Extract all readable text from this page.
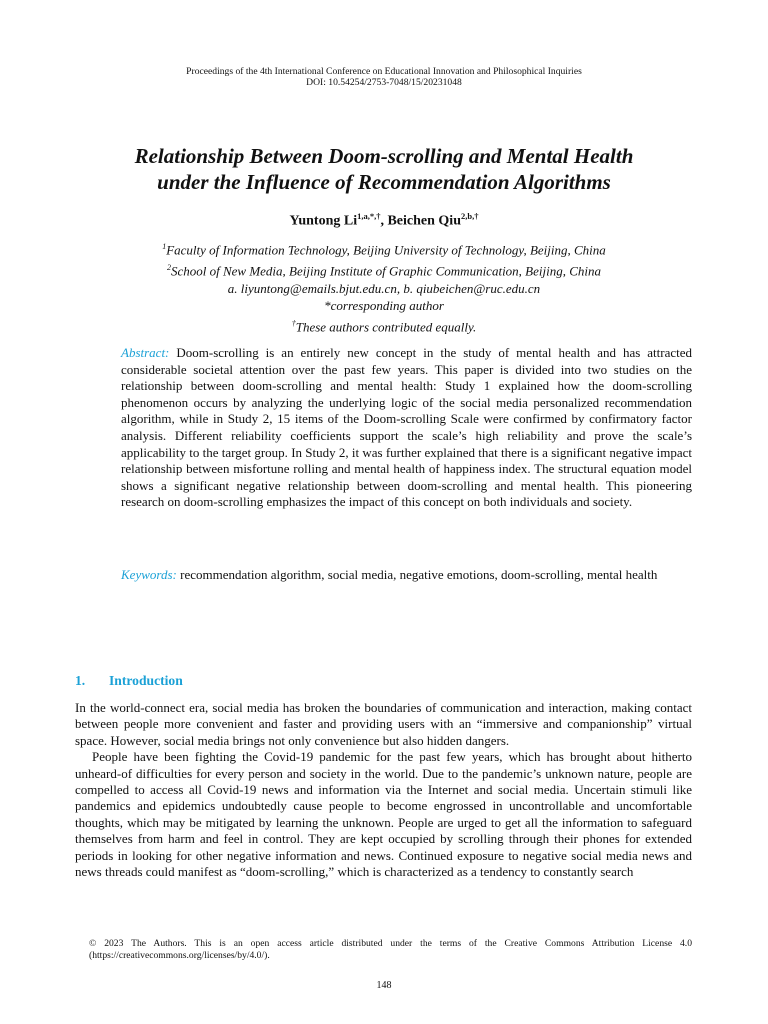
Proceedings of the 4th International Conference on Educational Innovation and Philosophical Inquiries
DOI: 10.54254/2753-7048/15/20231048
Relationship Between Doom-scrolling and Mental Health
under the Influence of Recommendation Algorithms
Yuntong $Li^{1,a,*,\dagger}$, Beichen Qiu$^{2,b,\dagger}$
$^1$Faculty of Information Technology, Beijing University of Technology, Beijing, China
$^2$School of New Media, Beijing Institute of Graphic Communication, Beijing, China
a. liyuntong@emails.bjut.edu.cn, b. qiubeichen@ruc.edu.cn
*corresponding author
†These authors contributed equally.
Abstract: Doom-scrolling is an entirely new concept in the study of mental health and has attracted considerable societal attention over the past few years. This paper is divided into two studies on the relationship between doom-scrolling and mental health: Study 1 explained how the doom-scrolling phenomenon occurs by analyzing the underlying logic of the social media personalized recommendation algorithm, while in Study 2, 15 items of the Doom-scrolling Scale were confirmed by confirmatory factor analysis. Different reliability coefficients support the scale’s high reliability and prove the scale’s applicability to the target group. In Study 2, it was further explained that there is a significant negative impact relationship between misfortune rolling and mental health of happiness index. The structural equation model shows a significant negative relationship between doom-scrolling and mental health. This pioneering research on doom-scrolling emphasizes the impact of this concept on both individuals and society.
Keywords: recommendation algorithm, social media, negative emotions, doom-scrolling, mental health
1. Introduction

In the world-connect era, social media has broken the boundaries of communication and interaction, making contact between people more convenient and faster and providing users with an “immersive and companionship” virtual space. However, social media brings not only convenience but also hidden dangers.

People have been fighting the Covid-19 pandemic for the past few years, which has brought about hitherto unheard-of difficulties for every person and society in the world. Due to the pandemic’s unknown nature, people are compelled to access all Covid-19 news and information via the Internet and social media. Uncertain stimuli like pandemics and epidemics undoubtedly cause people to become engrossed in uncontrollable and uncomfortable thoughts, which may be mitigated by learning the unknown. People are urged to get all the information to safeguard themselves from harm and feel in control. They are kept occupied by scrolling through their phones for extended periods in looking for other negative information and news. Continued exposure to negative social media news and news threads could manifest as “doom-scrolling,” which is characterized as a tendency to constantly search

© 2023 The Authors. This is an open access article distributed under the terms of the Creative Commons Attribution License 4.0 (https://creativecommons.org/licenses/by/4.0/).
148
